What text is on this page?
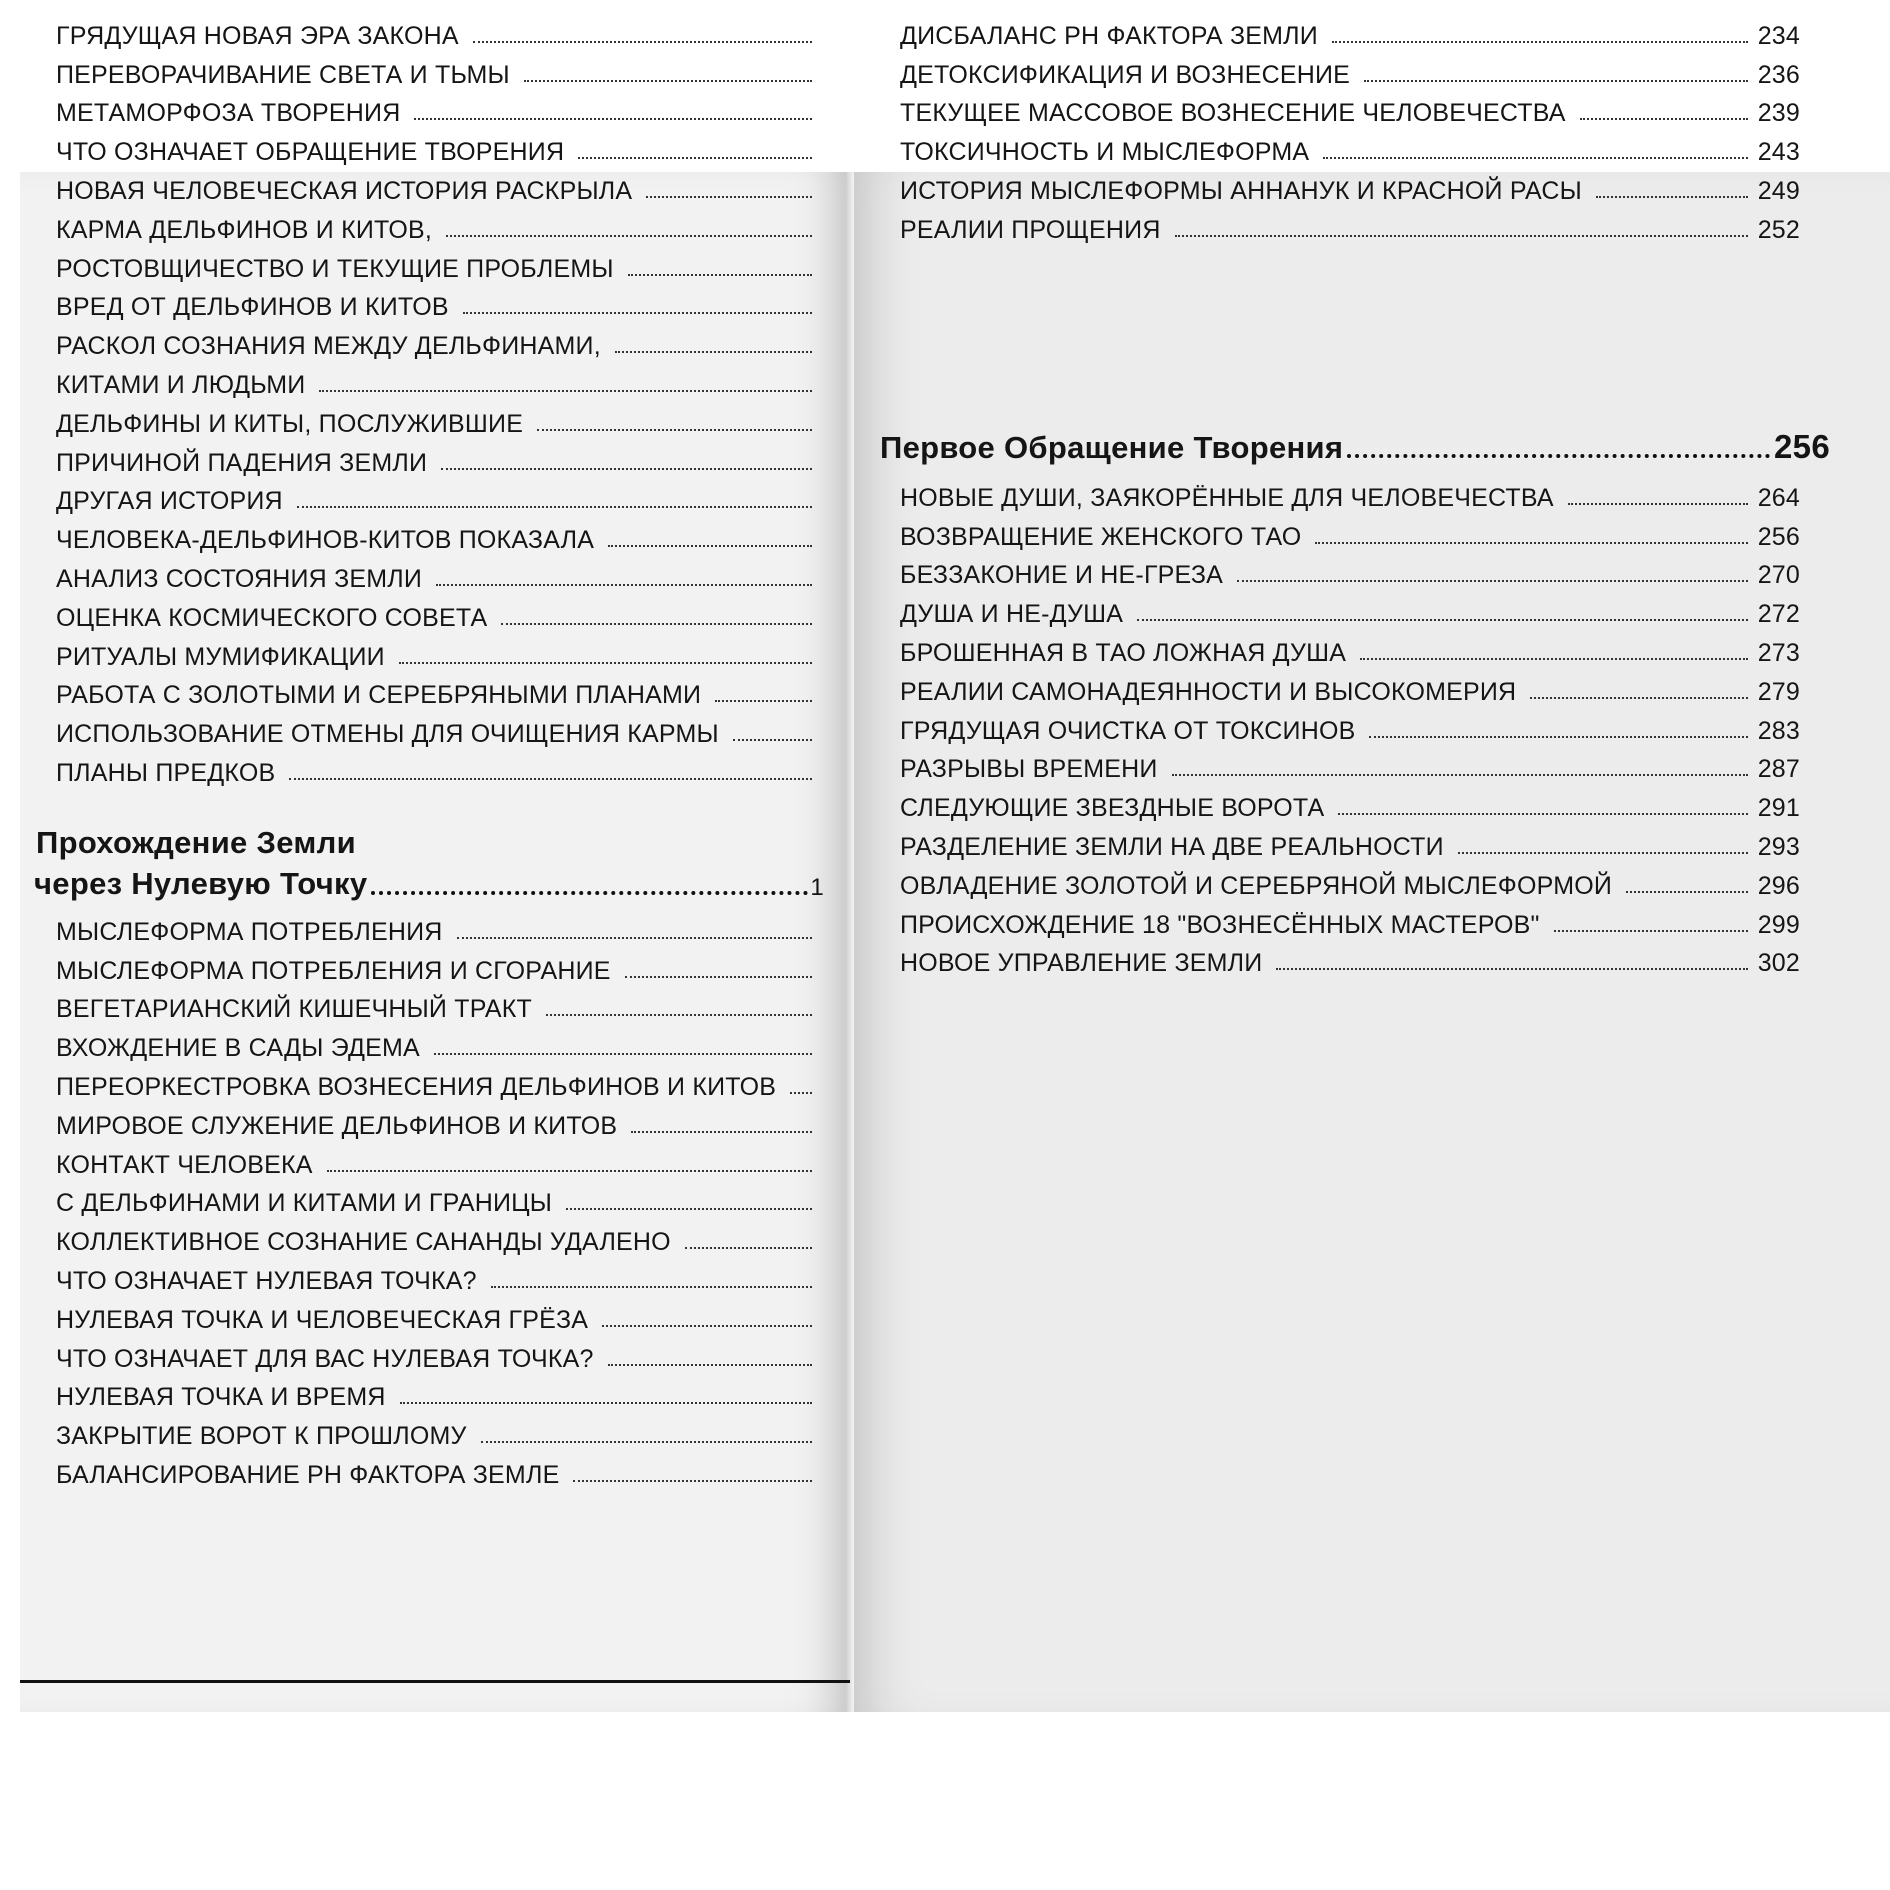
ГРЯДУЩАЯ НОВАЯ ЭРА ЗАКОНА
ПЕРЕВОРАЧИВАНИЕ СВЕТА И ТЬМЫ
МЕТАМОРФОЗА ТВОРЕНИЯ
ЧТО ОЗНАЧАЕТ ОБРАЩЕНИЕ ТВОРЕНИЯ
НОВАЯ ЧЕЛОВЕЧЕСКАЯ ИСТОРИЯ РАСКРЫЛА
КАРМА ДЕЛЬФИНОВ И КИТОВ,
РОСТОВЩИЧЕСТВО И ТЕКУЩИЕ ПРОБЛЕМЫ
ВРЕД ОТ ДЕЛЬФИНОВ И КИТОВ
РАСКОЛ СОЗНАНИЯ МЕЖДУ ДЕЛЬФИНАМИ,
КИТАМИ И ЛЮДЬМИ
ДЕЛЬФИНЫ И КИТЫ, ПОСЛУЖИВШИЕ
ПРИЧИНОЙ ПАДЕНИЯ ЗЕМЛИ
ДРУГАЯ ИСТОРИЯ
ЧЕЛОВЕКА-ДЕЛЬФИНОВ-КИТОВ ПОКАЗАЛА
АНАЛИЗ СОСТОЯНИЯ ЗЕМЛИ
ОЦЕНКА КОСМИЧЕСКОГО СОВЕТА
РИТУАЛЫ МУМИФИКАЦИИ
РАБОТА С ЗОЛОТЫМИ И СЕРЕБРЯНЫМИ ПЛАНАМИ
ИСПОЛЬЗОВАНИЕ ОТМЕНЫ ДЛЯ ОЧИЩЕНИЯ КАРМЫ
ПЛАНЫ ПРЕДКОВ
Прохождение Земли
через Нулевую Точку	1
МЫСЛЕФОРМА ПОТРЕБЛЕНИЯ
МЫСЛЕФОРМА ПОТРЕБЛЕНИЯ И СГОРАНИЕ
ВЕГЕТАРИАНСКИЙ КИШЕЧНЫЙ ТРАКТ
ВХОЖДЕНИЕ В САДЫ ЭДЕМА
ПЕРЕОРКЕСТРОВКА ВОЗНЕСЕНИЯ ДЕЛЬФИНОВ И КИТОВ
МИРОВОЕ СЛУЖЕНИЕ ДЕЛЬФИНОВ И КИТОВ
КОНТАКТ ЧЕЛОВЕКА
С ДЕЛЬФИНАМИ И КИТАМИ И ГРАНИЦЫ
КОЛЛЕКТИВНОЕ СОЗНАНИЕ САНАНДЫ УДАЛЕНО
ЧТО ОЗНАЧАЕТ НУЛЕВАЯ ТОЧКА?
НУЛЕВАЯ ТОЧКА И ЧЕЛОВЕЧЕСКАЯ ГРЁЗА
ЧТО ОЗНАЧАЕТ ДЛЯ ВАС НУЛЕВАЯ ТОЧКА?
НУЛЕВАЯ ТОЧКА И ВРЕМЯ
ЗАКРЫТИЕ ВОРОТ К ПРОШЛОМУ
БАЛАНСИРОВАНИЕ PH ФАКТОРА ЗЕМЛЕ
ДИСБАЛАНС PH ФАКТОРА ЗЕМЛИ	234
ДЕТОКСИФИКАЦИЯ И ВОЗНЕСЕНИЕ	236
ТЕКУЩЕЕ МАССОВОЕ ВОЗНЕСЕНИЕ ЧЕЛОВЕЧЕСТВА	239
ТОКСИЧНОСТЬ И МЫСЛЕФОРМА	243
ИСТОРИЯ МЫСЛЕФОРМЫ АННАНУК И КРАСНОЙ РАСЫ	249
РЕАЛИИ ПРОЩЕНИЯ	252
Первое Обращение Творения	256
НОВЫЕ ДУШИ, ЗАЯКОРЁННЫЕ ДЛЯ ЧЕЛОВЕЧЕСТВА	264
ВОЗВРАЩЕНИЕ ЖЕНСКОГО ТАО	256
БЕЗЗАКОНИЕ И НЕ-ГРЕЗА	270
ДУША И НЕ-ДУША	272
БРОШЕННАЯ В ТАО ЛОЖНАЯ ДУША	273
РЕАЛИИ САМОНАДЕЯННОСТИ И ВЫСОКОМЕРИЯ	279
ГРЯДУЩАЯ ОЧИСТКА ОТ ТОКСИНОВ	283
РАЗРЫВЫ ВРЕМЕНИ	287
СЛЕДУЮЩИЕ ЗВЕЗДНЫЕ ВОРОТА	291
РАЗДЕЛЕНИЕ ЗЕМЛИ НА ДВЕ РЕАЛЬНОСТИ	293
ОВЛАДЕНИЕ ЗОЛОТОЙ И СЕРЕБРЯНОЙ МЫСЛЕФОРМОЙ	296
ПРОИСХОЖДЕНИЕ 18 "ВОЗНЕСЁННЫХ МАСТЕРОВ"	299
НОВОЕ УПРАВЛЕНИЕ ЗЕМЛИ	302
